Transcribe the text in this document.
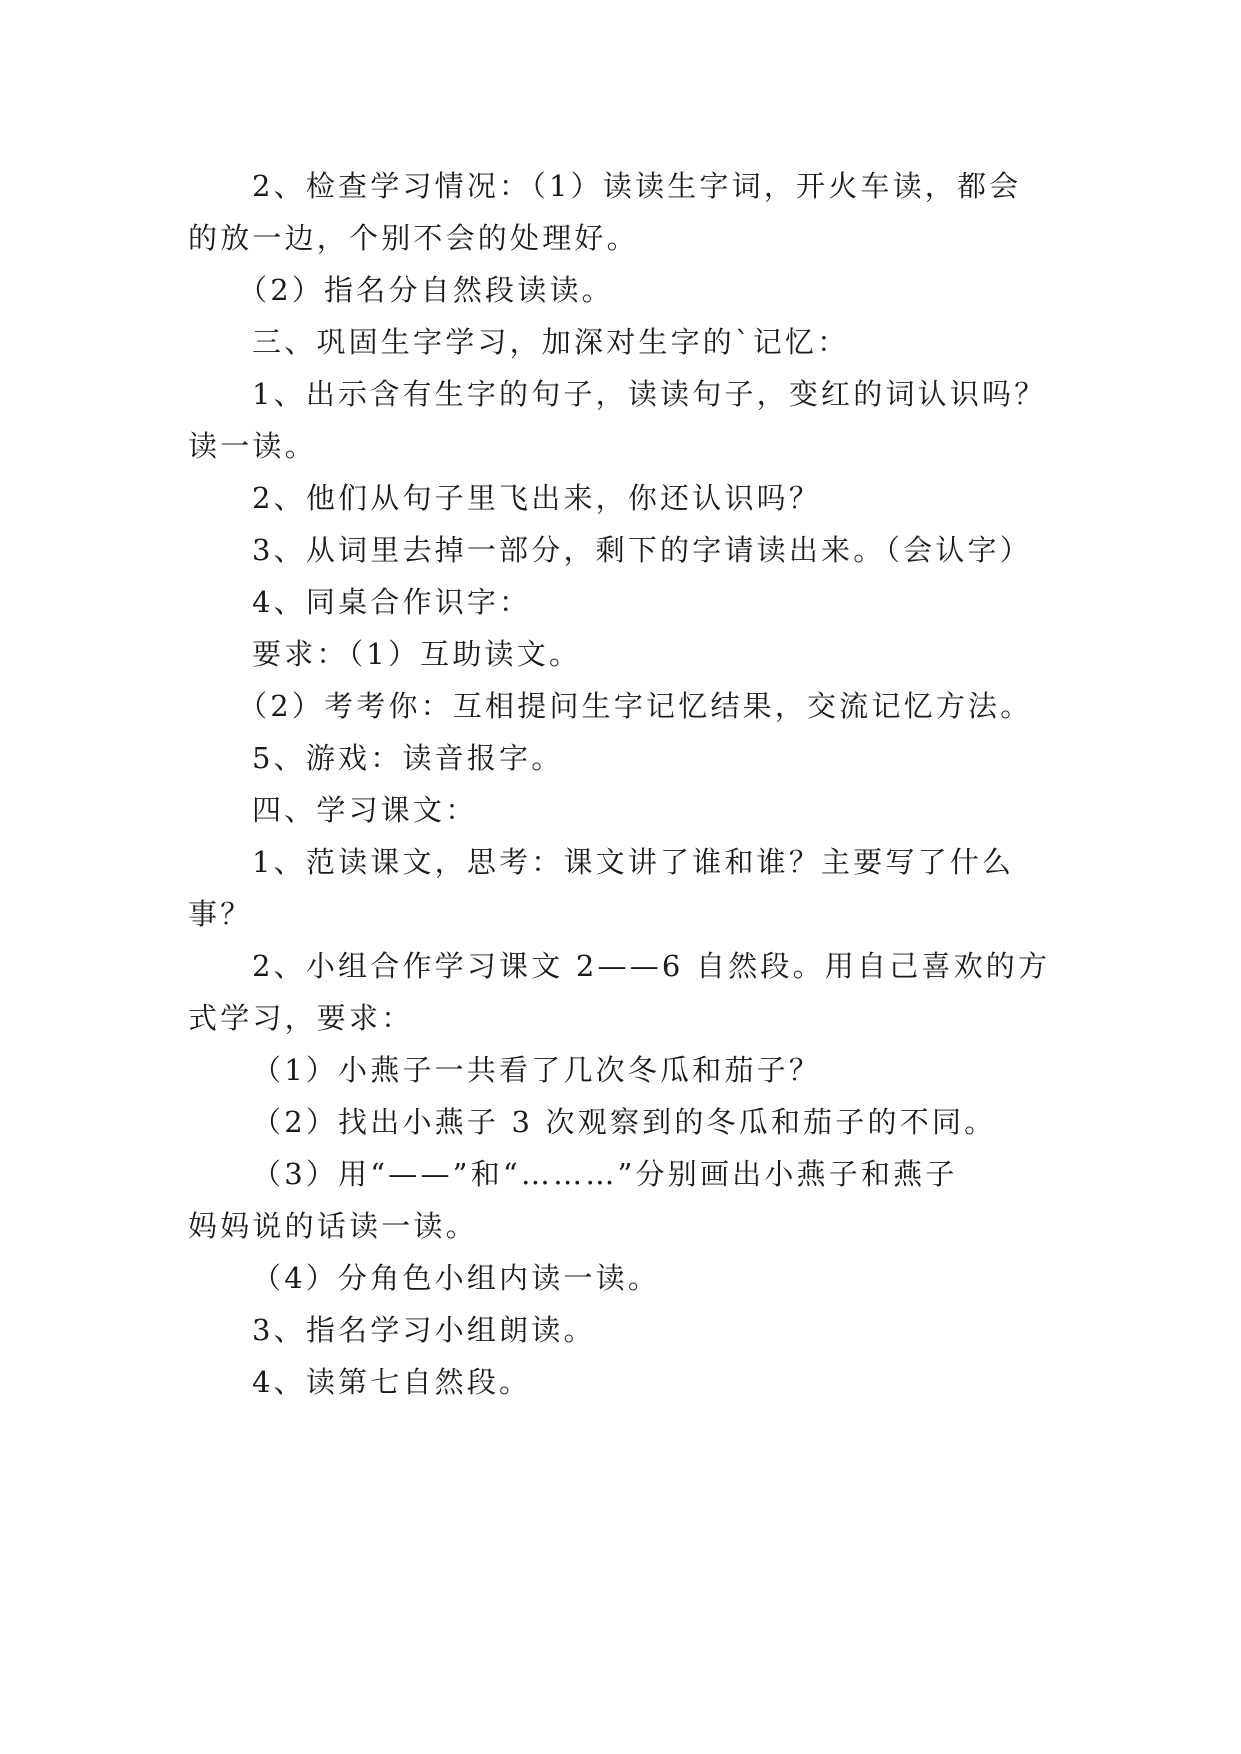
2、检查学习情况：（1）读读生字词，开火车读，都会
的放一边，个别不会的处理好。
（2）指名分自然段读读。
三、巩固生字学习，加深对生字的`记忆：
1、出示含有生字的句子，读读句子，变红的词认识吗？
读一读。
2、他们从句子里飞出来，你还认识吗？
3、从词里去掉一部分，剩下的字请读出来。（会认字）
4、同桌合作识字：
要求：（1）互助读文。
（2）考考你：互相提问生字记忆结果，交流记忆方法。
5、游戏：读音报字。
四、学习课文：
1、范读课文，思考：课文讲了谁和谁？主要写了什么
事？
2、小组合作学习课文 2——6 自然段。用自己喜欢的方
式学习，要求：
（1）小燕子一共看了几次冬瓜和茄子？
（2）找出小燕子 3 次观察到的冬瓜和茄子的不同。
（3）用“——”和“………”分别画出小燕子和燕子
妈妈说的话读一读。
（4）分角色小组内读一读。
3、指名学习小组朗读。
4、读第七自然段。
